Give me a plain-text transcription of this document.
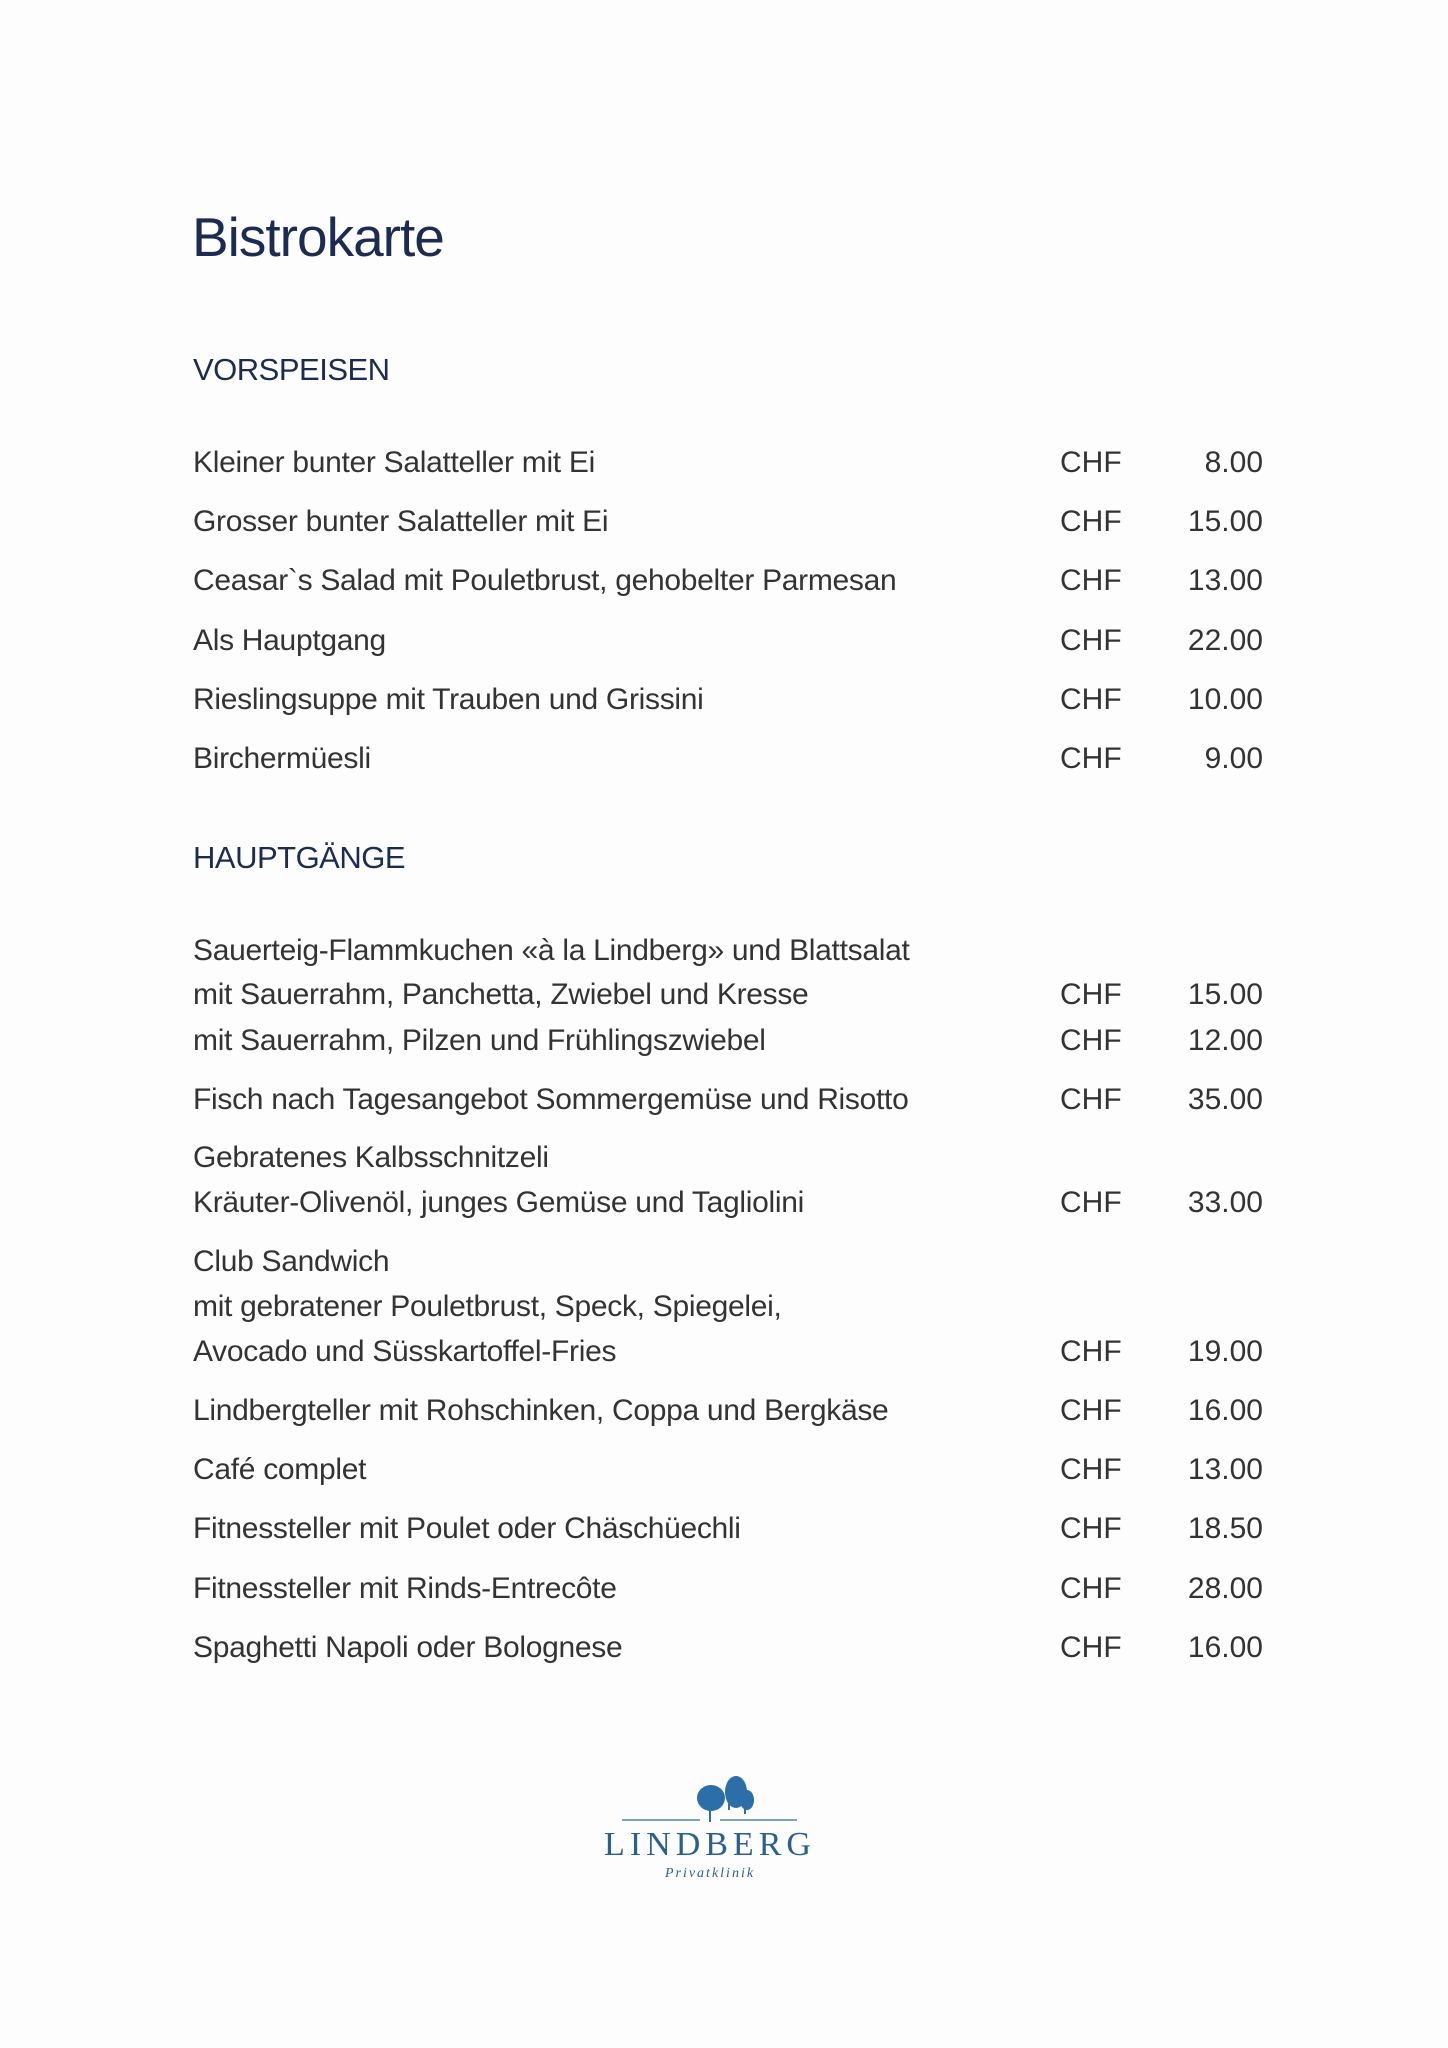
Bistrokarte
VORSPEISEN
Kleiner bunter Salatteller mit Ei	CHF	8.00
Grosser bunter Salatteller mit Ei	CHF 15.00
Ceasar`s Salad mit Pouletbrust, gehobelter Parmesan	CHF 13.00
Als Hauptgang	CHF 22.00
Rieslingsuppe mit Trauben und Grissini	CHF 10.00
Birchermüesli	CHF	9.00
HAUPTGÄNGE
Sauerteig-Flammkuchen «à la Lindberg» und Blattsalat
mit Sauerrahm, Panchetta, Zwiebel und Kresse	CHF 15.00
mit Sauerrahm, Pilzen und Frühlingszwiebel	CHF 12.00
Fisch nach Tagesangebot Sommergemüse und Risotto	CHF 35.00
Gebratenes Kalbsschnitzeli
Kräuter-Olivenöl, junges Gemüse und Tagliolini	CHF 33.00
Club Sandwich
mit gebratener Pouletbrust, Speck, Spiegelei,
Avocado und Süsskartoffel-Fries	CHF 19.00
Lindbergteller mit Rohschinken, Coppa und Bergkäse	CHF 16.00
Café complet	CHF 13.00
Fitnessteller mit Poulet oder Chäschüechli	CHF 18.50
Fitnessteller mit Rinds-Entrecôte	CHF 28.00
Spaghetti Napoli oder Bolognese	CHF 16.00
LINDBERG
Privatklinik
